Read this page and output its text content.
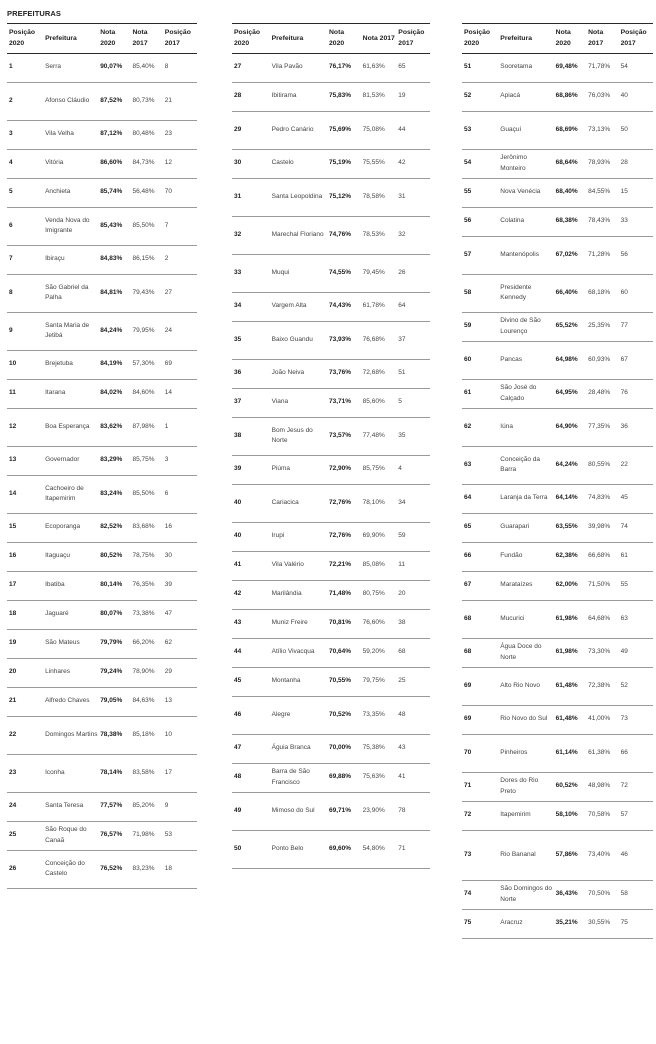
PREFEITURAS
Posição 2020	Prefeitura	Nota 2020	Nota 2017	Posição 2017
1	Serra	90,07%	85,40%	8
2	Afonso Cláudio	87,52%	80,73%	21
3	Vila Velha	87,12%	80,48%	23
4	Vitória	86,60%	84,73%	12
5	Anchieta	85,74%	56,48%	70
6	Venda Nova do Imigrante	85,43%	85,50%	7
7	Ibiraçu	84,83%	86,15%	2
8	São Gabriel da Palha	84,81%	79,43%	27
9	Santa Maria de Jetibá	84,24%	79,95%	24
10	Brejetuba	84,19%	57,30%	69
11	Itarana	84,02%	84,60%	14
12	Boa Esperança	83,62%	87,98%	1
13	Governador	83,29%	85,75%	3
14	Cachoeiro de Itapemirim	83,24%	85,50%	6
15	Ecoporanga	82,52%	83,68%	16
16	Itaguaçu	80,52%	78,75%	30
17	Ibatiba	80,14%	76,35%	39
18	Jaguaré	80,07%	73,38%	47
19	São Mateus	79,79%	66,20%	62
20	Linhares	79,24%	78,90%	29
21	Alfredo Chaves	79,05%	84,63%	13
22	Domingos Martins	78,38%	85,18%	10
23	Iconha	78,14%	83,58%	17
24	Santa Teresa	77,57%	85,20%	9
25	São Roque do Canaã	76,57%	71,98%	53
26	Conceição do Castelo	76,52%	83,23%	18
Posição 2020	Prefeitura	Nota 2020	Nota 2017	Posição 2017
27	Vila Pavão	76,17%	61,63%	65
28	Ibitirama	75,83%	81,53%	19
29	Pedro Canário	75,69%	75,08%	44
30	Castelo	75,19%	75,55%	42
31	Santa Leopoldina	75,12%	78,58%	31
32	Marechal Floriano	74,76%	78,53%	32
33	Muqui	74,55%	79,45%	26
34	Vargem Alta	74,43%	61,78%	64
35	Baixo Guandu	73,93%	76,68%	37
36	João Neiva	73,76%	72,68%	51
37	Viana	73,71%	85,60%	5
38	Bom Jesus do Norte	73,57%	77,48%	35
39	Piúma	72,90%	85,75%	4
40	Cariacica	72,76%	78,10%	34
40	Irupi	72,76%	69,90%	59
41	Vila Valério	72,21%	85,08%	11
42	Marilândia	71,48%	80,75%	20
43	Muniz Freire	70,81%	76,60%	38
44	Atílio Vivacqua	70,64%	59,20%	68
45	Montanha	70,55%	79,75%	25
46	Alegre	70,52%	73,35%	48
47	Águia Branca	70,00%	75,38%	43
48	Barra de São Francisco	69,88%	75,63%	41
49	Mimoso do Sul	69,71%	23,90%	78
50	Ponto Belo	69,60%	54,80%	71
Posição 2020	Prefeitura	Nota 2020	Nota 2017	Posição 2017
51	Sooretama	69,48%	71,78%	54
52	Apiacá	68,86%	76,03%	40
53	Guaçuí	68,69%	73,13%	50
54	Jerônimo Monteiro	68,64%	78,93%	28
55	Nova Venécia	68,40%	84,55%	15
56	Colatina	68,38%	78,43%	33
57	Mantenópolis	67,02%	71,28%	56
58	Presidente Kennedy	66,40%	68,18%	60
59	Divino de São Lourenço	65,52%	25,35%	77
60	Pancas	64,98%	60,93%	67
61	São José do Calçado	64,95%	28,48%	76
62	Iúna	64,90%	77,35%	36
63	Conceição da Barra	64,24%	80,55%	22
64	Laranja da Terra	64,14%	74,83%	45
65	Guarapari	63,55%	39,98%	74
66	Fundão	62,38%	66,68%	61
67	Marataízes	62,00%	71,50%	55
68	Mucurici	61,98%	64,68%	63
68	Água Doce do Norte	61,98%	73,30%	49
69	Alto Rio Novo	61,48%	72,38%	52
69	Rio Novo do Sul	61,48%	41,00%	73
70	Pinheiros	61,14%	61,38%	66
71	Dores do Rio Preto	60,52%	48,98%	72
72	Itapemirim	58,10%	70,58%	57
73	Rio Bananal	57,86%	73,40%	46
74	São Domingos do Norte	36,43%	70,50%	58
75	Aracruz	35,21%	30,55%	75
